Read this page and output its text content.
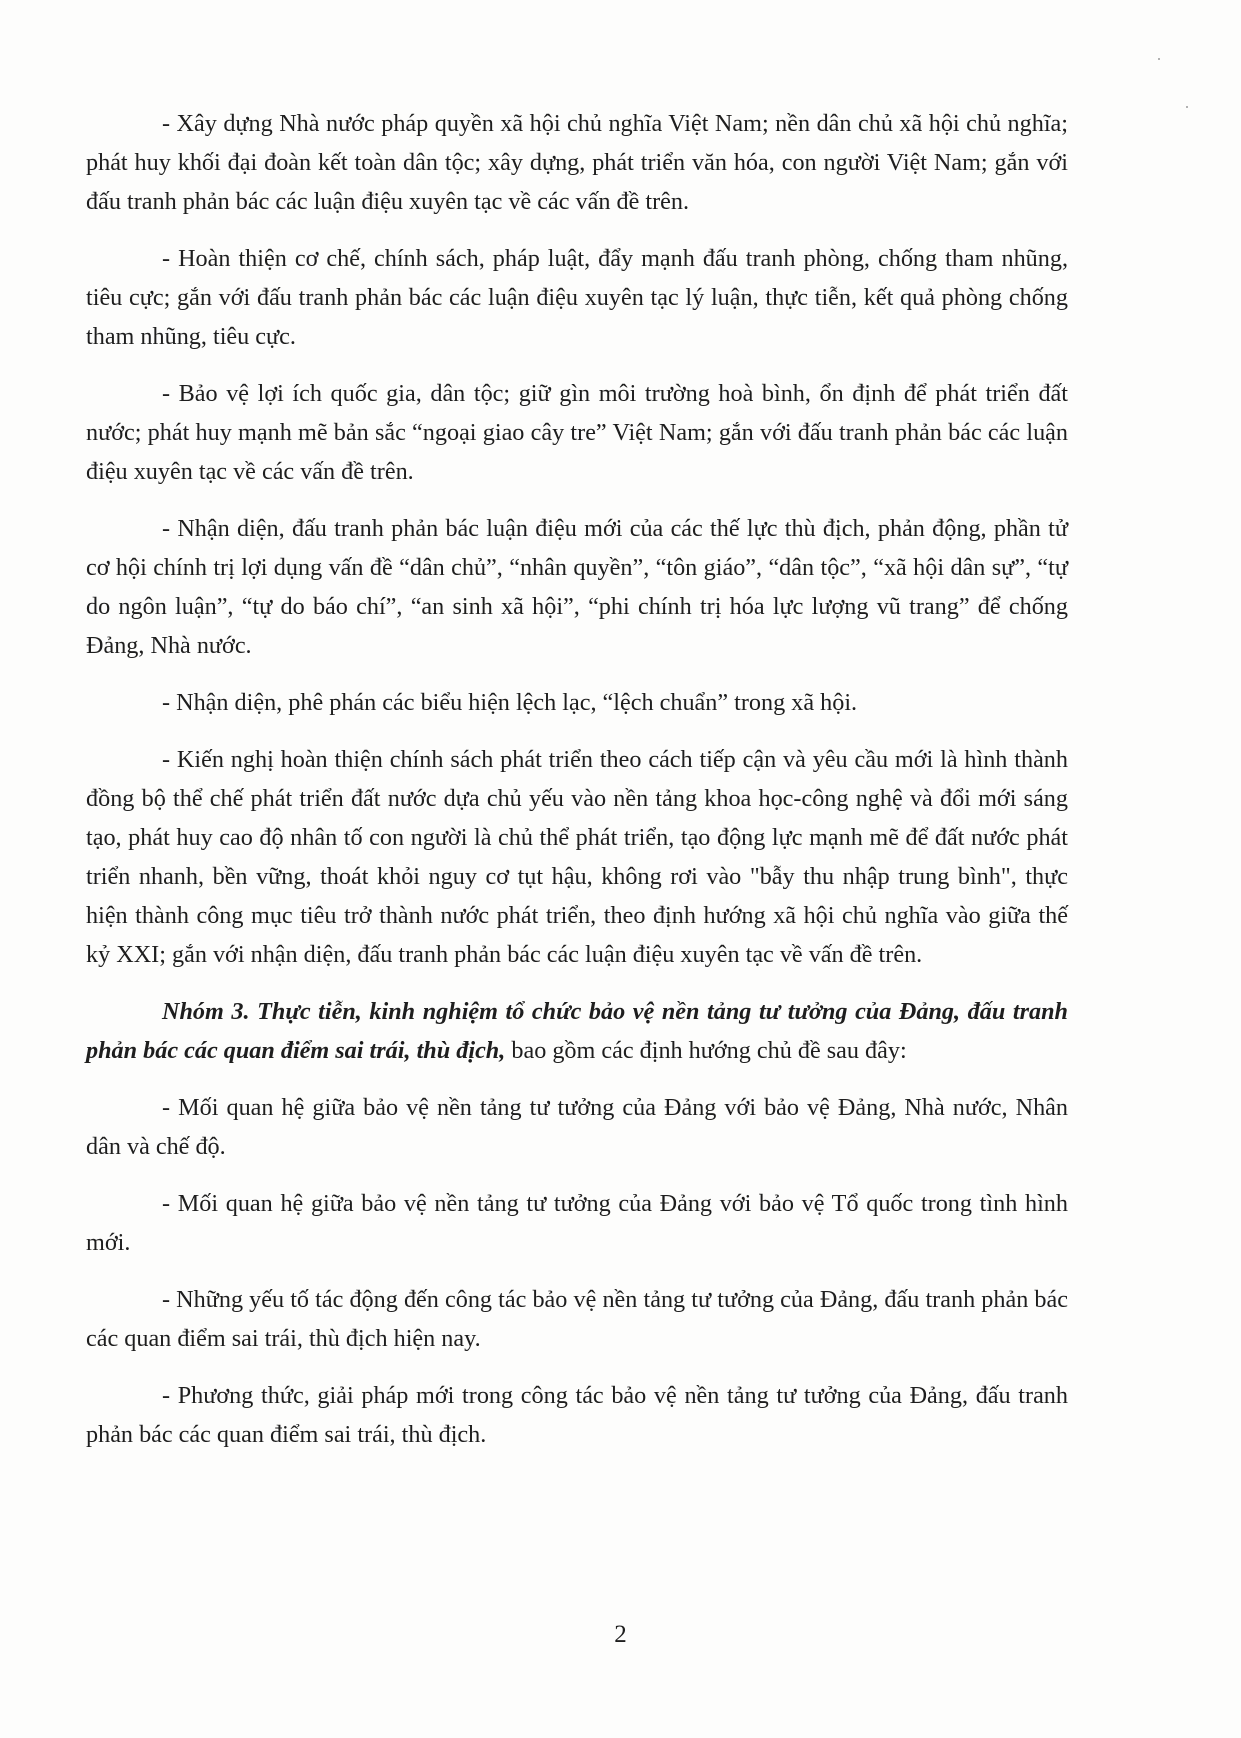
- Xây dựng Nhà nước pháp quyền xã hội chủ nghĩa Việt Nam; nền dân chủ xã hội chủ nghĩa; phát huy khối đại đoàn kết toàn dân tộc; xây dựng, phát triển văn hóa, con người Việt Nam; gắn với đấu tranh phản bác các luận điệu xuyên tạc về các vấn đề trên.

- Hoàn thiện cơ chế, chính sách, pháp luật, đẩy mạnh đấu tranh phòng, chống tham nhũng, tiêu cực; gắn với đấu tranh phản bác các luận điệu xuyên tạc lý luận, thực tiễn, kết quả phòng chống tham nhũng, tiêu cực.

- Bảo vệ lợi ích quốc gia, dân tộc; giữ gìn môi trường hoà bình, ổn định để phát triển đất nước; phát huy mạnh mẽ bản sắc “ngoại giao cây tre” Việt Nam; gắn với đấu tranh phản bác các luận điệu xuyên tạc về các vấn đề trên.

- Nhận diện, đấu tranh phản bác luận điệu mới của các thế lực thù địch, phản động, phần tử cơ hội chính trị lợi dụng vấn đề “dân chủ”, “nhân quyền”, “tôn giáo”, “dân tộc”, “xã hội dân sự”, “tự do ngôn luận”, “tự do báo chí”, “an sinh xã hội”, “phi chính trị hóa lực lượng vũ trang” để chống Đảng, Nhà nước.

- Nhận diện, phê phán các biểu hiện lệch lạc, “lệch chuẩn” trong xã hội.

- Kiến nghị hoàn thiện chính sách phát triển theo cách tiếp cận và yêu cầu mới là hình thành đồng bộ thể chế phát triển đất nước dựa chủ yếu vào nền tảng khoa học-công nghệ và đổi mới sáng tạo, phát huy cao độ nhân tố con người là chủ thể phát triển, tạo động lực mạnh mẽ để đất nước phát triển nhanh, bền vững, thoát khỏi nguy cơ tụt hậu, không rơi vào "bẫy thu nhập trung bình", thực hiện thành công mục tiêu trở thành nước phát triển, theo định hướng xã hội chủ nghĩa vào giữa thế kỷ XXI; gắn với nhận diện, đấu tranh phản bác các luận điệu xuyên tạc về vấn đề trên.

Nhóm 3. Thực tiễn, kinh nghiệm tổ chức bảo vệ nền tảng tư tưởng của Đảng, đấu tranh phản bác các quan điểm sai trái, thù địch, bao gồm các định hướng chủ đề sau đây:

- Mối quan hệ giữa bảo vệ nền tảng tư tưởng của Đảng với bảo vệ Đảng, Nhà nước, Nhân dân và chế độ.

- Mối quan hệ giữa bảo vệ nền tảng tư tưởng của Đảng với bảo vệ Tổ quốc trong tình hình mới.

- Những yếu tố tác động đến công tác bảo vệ nền tảng tư tưởng của Đảng, đấu tranh phản bác các quan điểm sai trái, thù địch hiện nay.

- Phương thức, giải pháp mới trong công tác bảo vệ nền tảng tư tưởng của Đảng, đấu tranh phản bác các quan điểm sai trái, thù địch.

2
